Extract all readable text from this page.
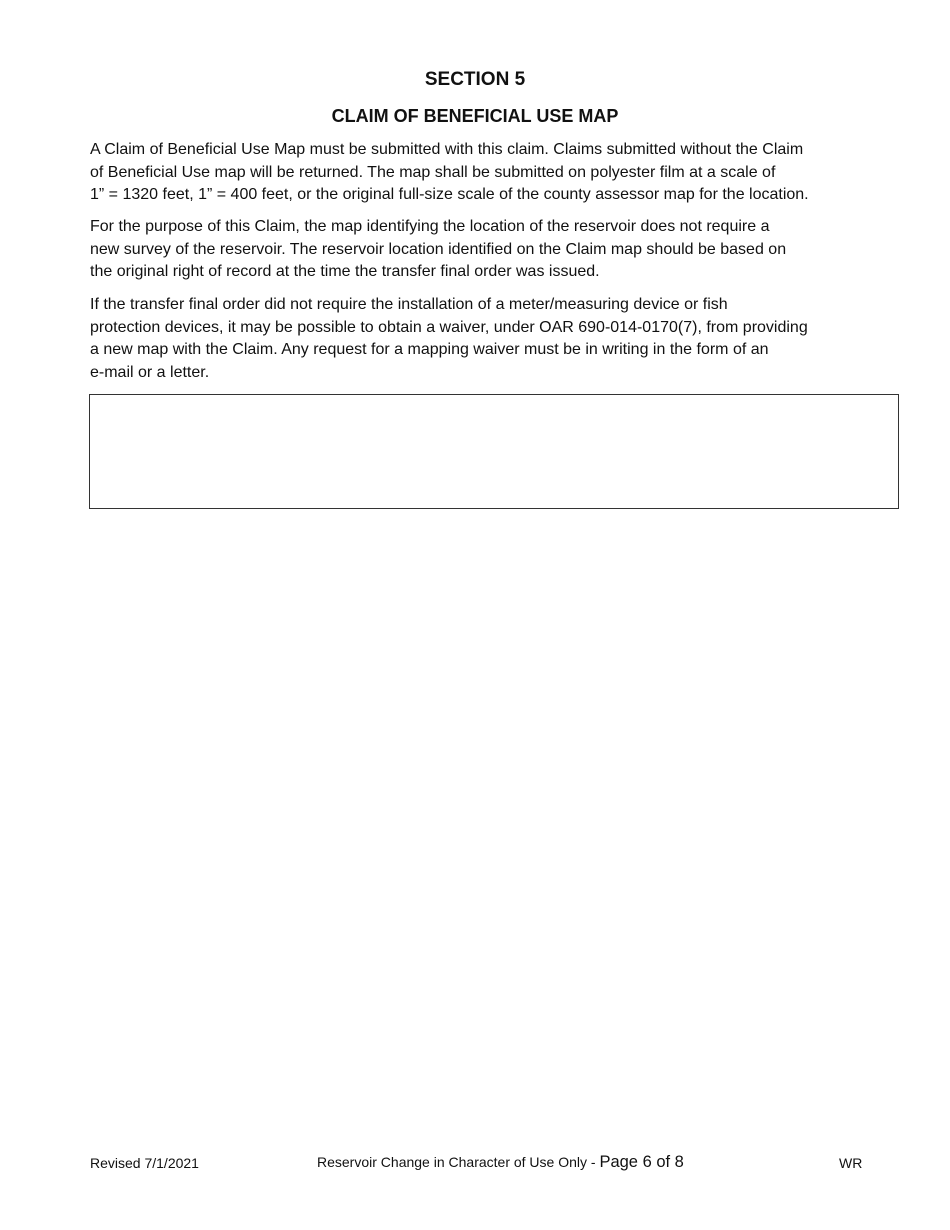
SECTION 5
CLAIM OF BENEFICIAL USE MAP
A Claim of Beneficial Use Map must be submitted with this claim. Claims submitted without the Claim
of Beneficial Use map will be returned. The map shall be submitted on polyester film at a scale of
1” = 1320 feet, 1” = 400 feet, or the original full-size scale of the county assessor map for the location.
For the purpose of this Claim, the map identifying the location of the reservoir does not require a
new survey of the reservoir. The reservoir location identified on the Claim map should be based on
the original right of record at the time the transfer final order was issued.
If the transfer final order did not require the installation of a meter/measuring device or fish
protection devices, it may be possible to obtain a waiver, under OAR 690-014-0170(7), from providing
a new map with the Claim. Any request for a mapping waiver must be in writing in the form of an
e-mail or a letter.
Revised 7/1/2021	Reservoir Change in Character of Use Only - Page 6 of 8	WR
